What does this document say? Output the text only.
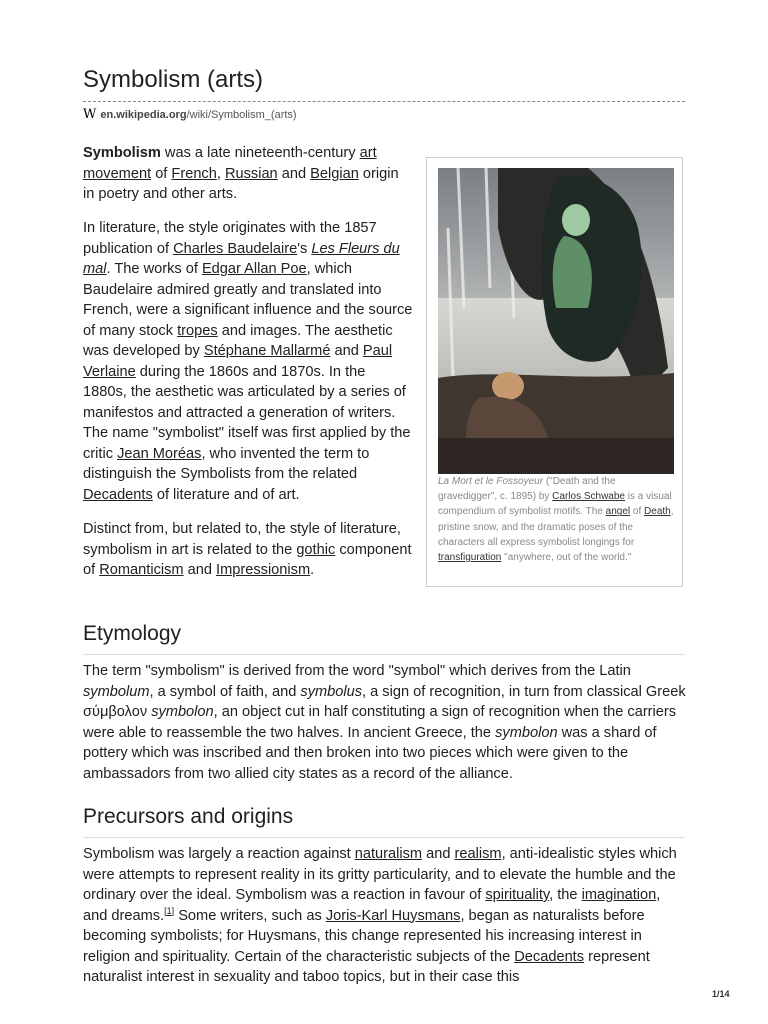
Symbolism (arts)
W en.wikipedia.org/wiki/Symbolism_(arts)

Symbolism was a late nineteenth-century art movement of French, Russian and Belgian origin in poetry and other arts.

In literature, the style originates with the 1857 publication of Charles Baudelaire's Les Fleurs du mal. The works of Edgar Allan Poe, which Baudelaire admired greatly and translated into French, were a significant influence and the source of many stock tropes and images. The aesthetic was developed by Stéphane Mallarmé and Paul Verlaine during the 1860s and 1870s. In the 1880s, the aesthetic was articulated by a series of manifestos and attracted a generation of writers. The name "symbolist" itself was first applied by the critic Jean Moréas, who invented the term to distinguish the Symbolists from the related Decadents of literature and of art.

Distinct from, but related to, the style of literature, symbolism in art is related to the gothic component of Romanticism and Impressionism.

La Mort et le Fossoyeur ("Death and the gravedigger", c. 1895) by Carlos Schwabe is a visual compendium of symbolist motifs. The angel of Death, pristine snow, and the dramatic poses of the characters all express symbolist longings for transfiguration "anywhere, out of the world."

Etymology

The term "symbolism" is derived from the word "symbol" which derives from the Latin symbolum, a symbol of faith, and symbolus, a sign of recognition, in turn from classical Greek σύμβολον symbolon, an object cut in half constituting a sign of recognition when the carriers were able to reassemble the two halves. In ancient Greece, the symbolon was a shard of pottery which was inscribed and then broken into two pieces which were given to the ambassadors from two allied city states as a record of the alliance.

Precursors and origins

Symbolism was largely a reaction against naturalism and realism, anti-idealistic styles which were attempts to represent reality in its gritty particularity, and to elevate the humble and the ordinary over the ideal. Symbolism was a reaction in favour of spirituality, the imagination, and dreams.[1] Some writers, such as Joris-Karl Huysmans, began as naturalists before becoming symbolists; for Huysmans, this change represented his increasing interest in religion and spirituality. Certain of the characteristic subjects of the Decadents represent naturalist interest in sexuality and taboo topics, but in their case this

1/14
